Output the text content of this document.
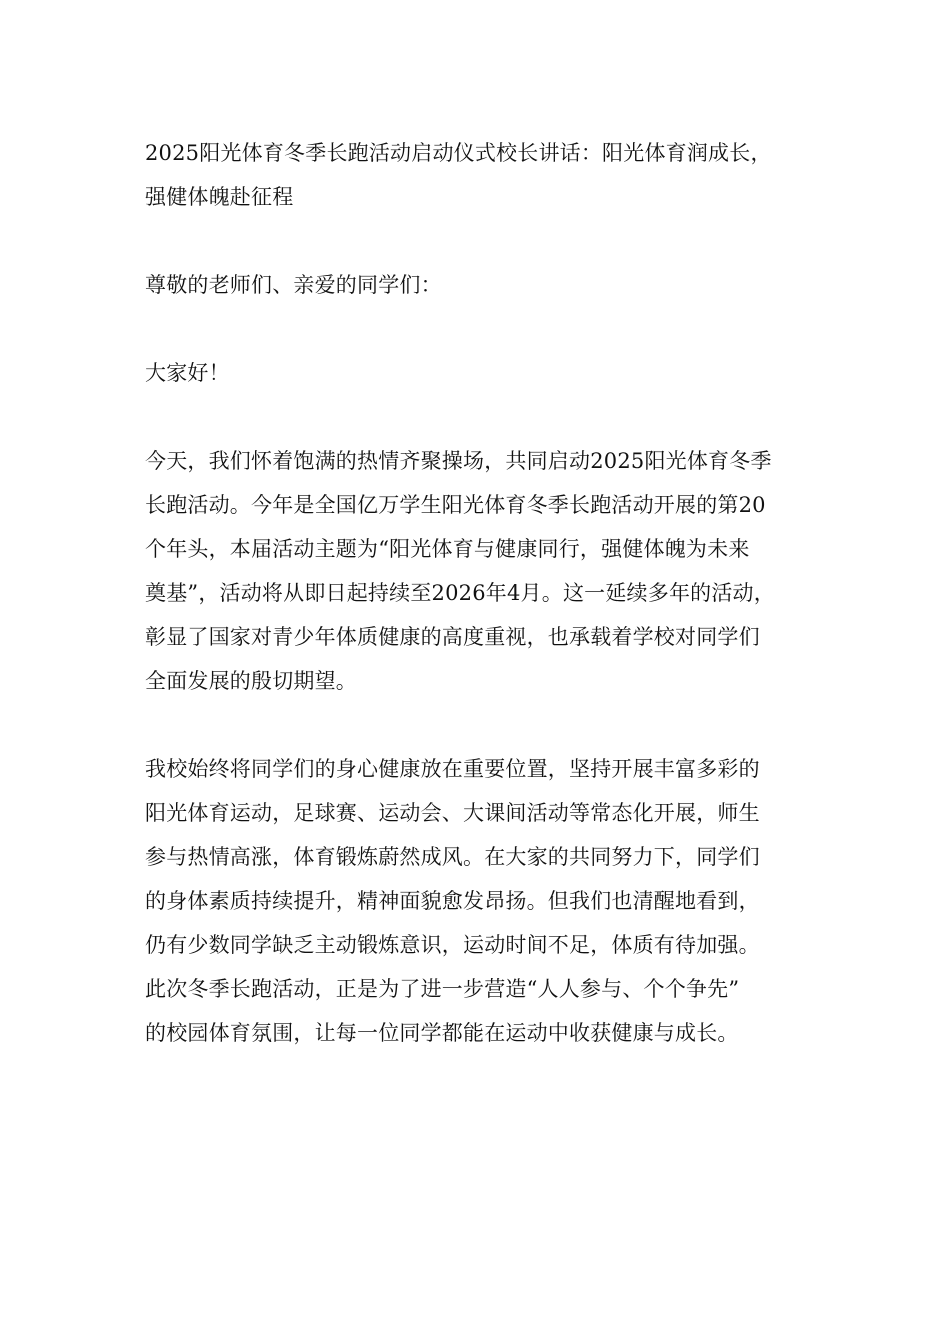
2025阳光体育冬季长跑活动启动仪式校长讲话：阳光体育润成长，
强健体魄赴征程

尊敬的老师们、亲爱的同学们：

大家好！

今天，我们怀着饱满的热情齐聚操场，共同启动2025阳光体育冬季
长跑活动。今年是全国亿万学生阳光体育冬季长跑活动开展的第20
个年头，本届活动主题为“阳光体育与健康同行，强健体魄为未来
奠基”，活动将从即日起持续至2026年4月。这一延续多年的活动，
彰显了国家对青少年体质健康的高度重视，也承载着学校对同学们
全面发展的殷切期望。

我校始终将同学们的身心健康放在重要位置，坚持开展丰富多彩的
阳光体育运动，足球赛、运动会、大课间活动等常态化开展，师生
参与热情高涨，体育锻炼蔚然成风。在大家的共同努力下，同学们
的身体素质持续提升，精神面貌愈发昂扬。但我们也清醒地看到，
仍有少数同学缺乏主动锻炼意识，运动时间不足，体质有待加强。
此次冬季长跑活动，正是为了进一步营造“人人参与、个个争先”
的校园体育氛围，让每一位同学都能在运动中收获健康与成长。
